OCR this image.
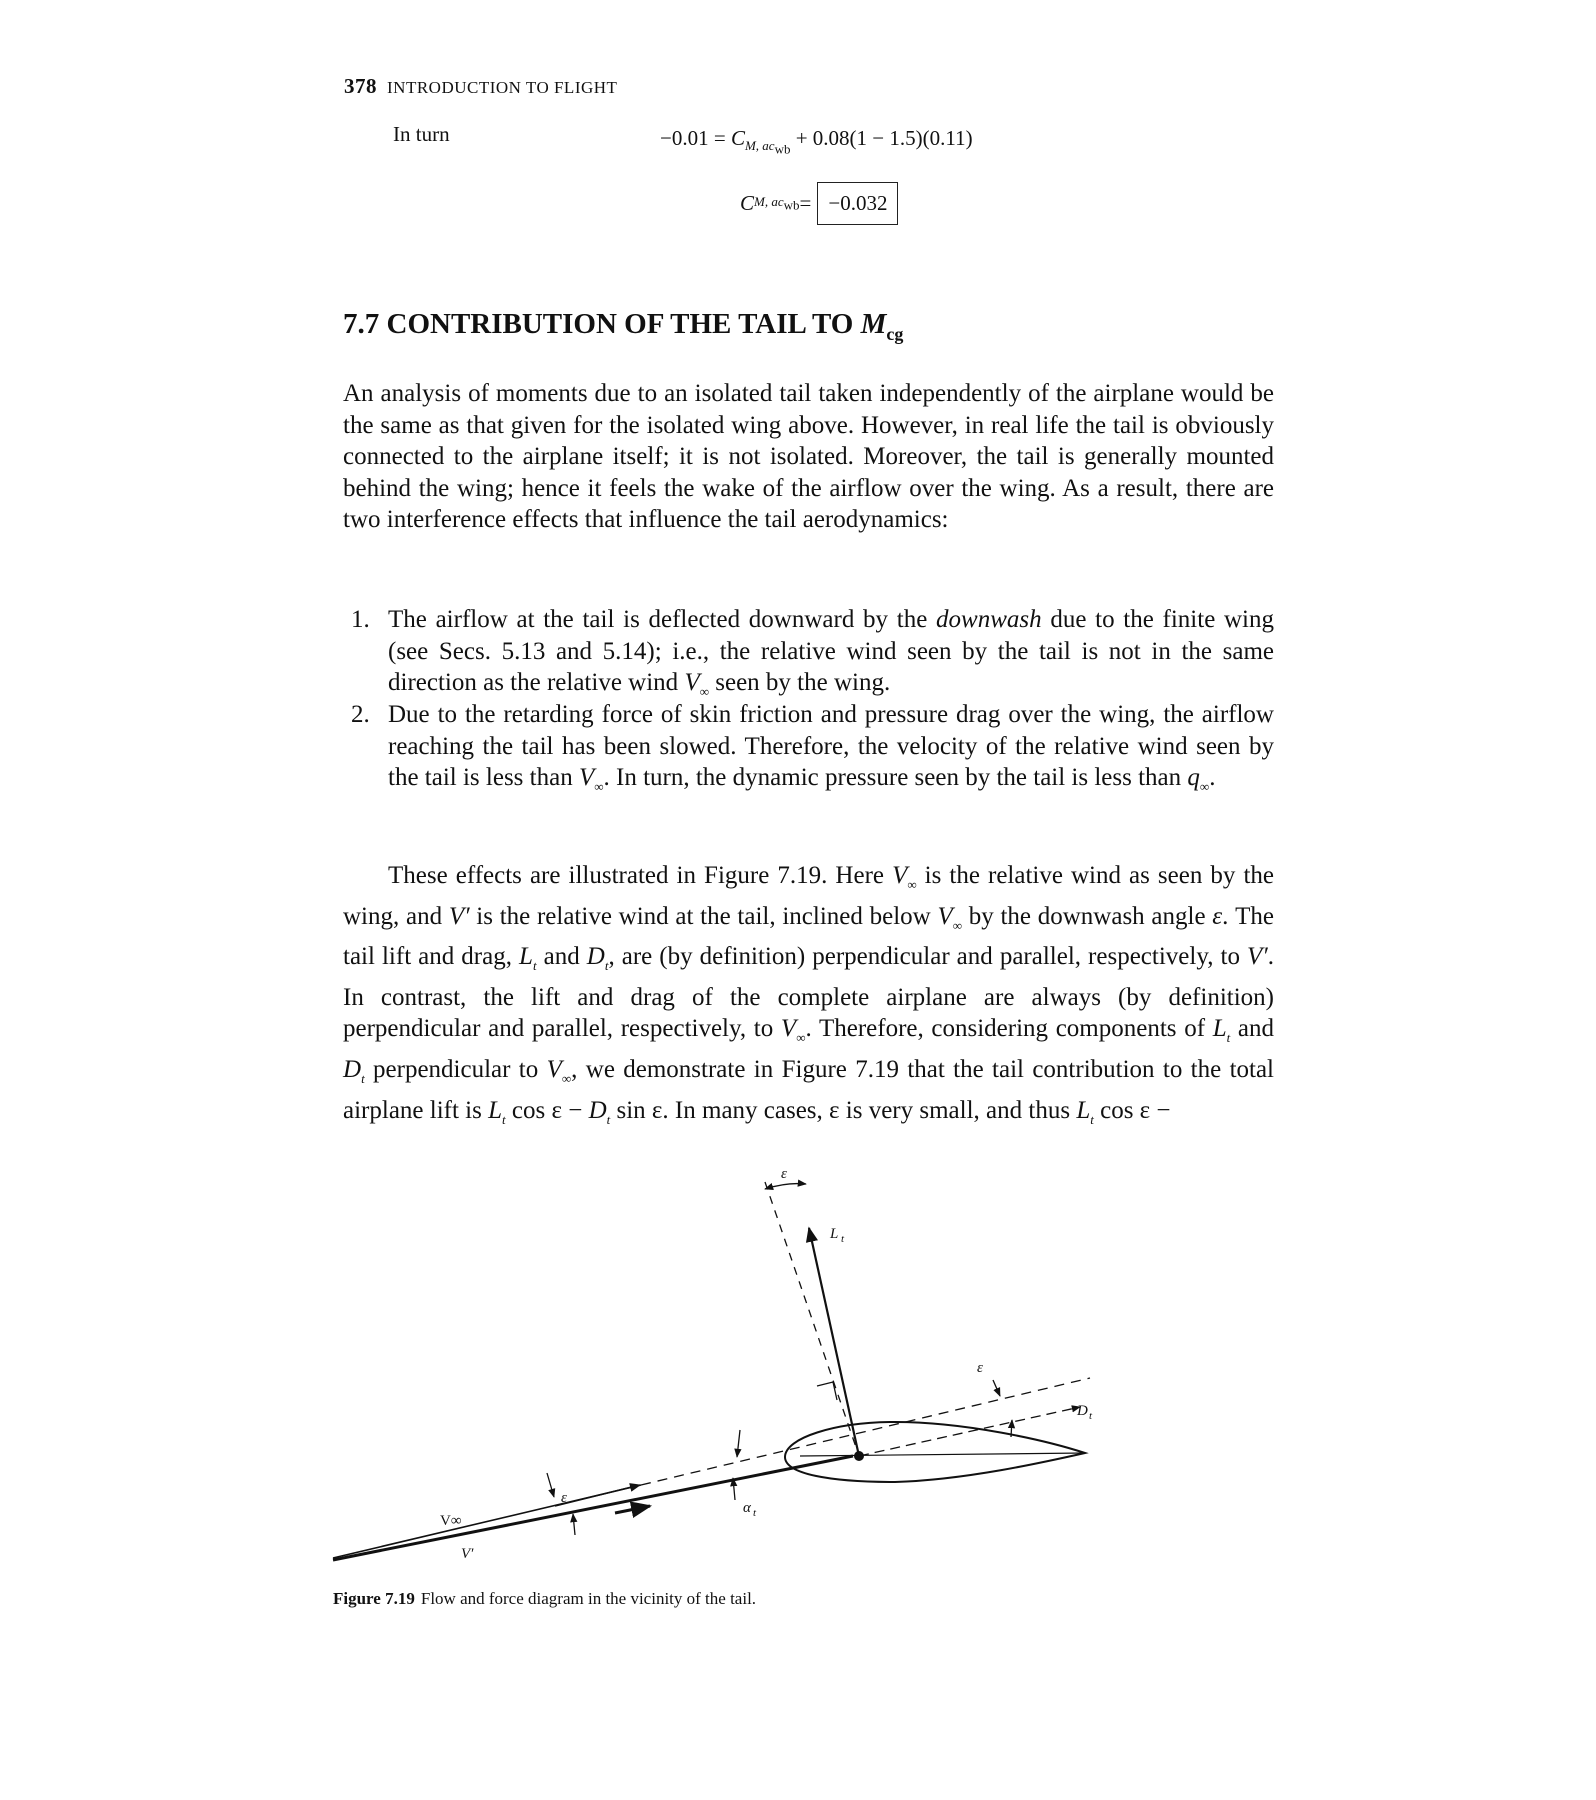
378 INTRODUCTION TO FLIGHT
In turn	$-0.01 = C_{M, ac_{wb}} + 0.08(1 - 1.5)(0.11)$
C M, $ac_{wb} = -0.032$
7.7 CONTRIBUTION OF THE TAIL TO $M_{cg}$
An analysis of moments due to an isolated tail taken independently of the airplane would be the same as that given for the isolated wing above. However, in real life the tail is obviously connected to the airplane itself; it is not isolated. Moreover, the tail is generally mounted behind the wing; hence it feels the wake of the airflow over the wing. As a result, there are two interference effects that influence the tail aerodynamics:
1. The airflow at the tail is deflected downward by the downwash due to the finite wing (see Secs. 5.13 and 5.14); i.e., the relative wind seen by the tail is not in the same direction as the relative wind $V_\infty$ seen by the wing.
2. Due to the retarding force of skin friction and pressure drag over the wing, the airflow reaching the tail has been slowed. Therefore, the velocity of the relative wind seen by the tail is less than $V_\infty$. In turn, the dynamic pressure seen by the tail is less than $q_\infty$.
These effects are illustrated in Figure 7.19. Here $V_\infty$ is the relative wind as seen by the wing, and V′ is the relative wind at the tail, inclined below $V_\infty$ by the downwash angle ε. The tail lift and drag, $L_t$ and $D_t$, are (by definition) perpendicular and parallel, respectively, to V′. In contrast, the lift and drag of the complete airplane are always (by definition) perpendicular and parallel, respectively, to $V_\infty$. Therefore, considering components of $L_t$ and $D_t$ perpendicular to $V_\infty$, we demonstrate in Figure 7.19 that the tail contribution to the total airplane lift is $L_t$ $\cos \varepsilon - D_t$ sin ε. In many cases, ε is very small, and thus $L_t$ cos ε −
ε
L t
ε
D t
V∞
ε
V′
α t
Figure 7.19 Flow and force diagram in the vicinity of the tail.
